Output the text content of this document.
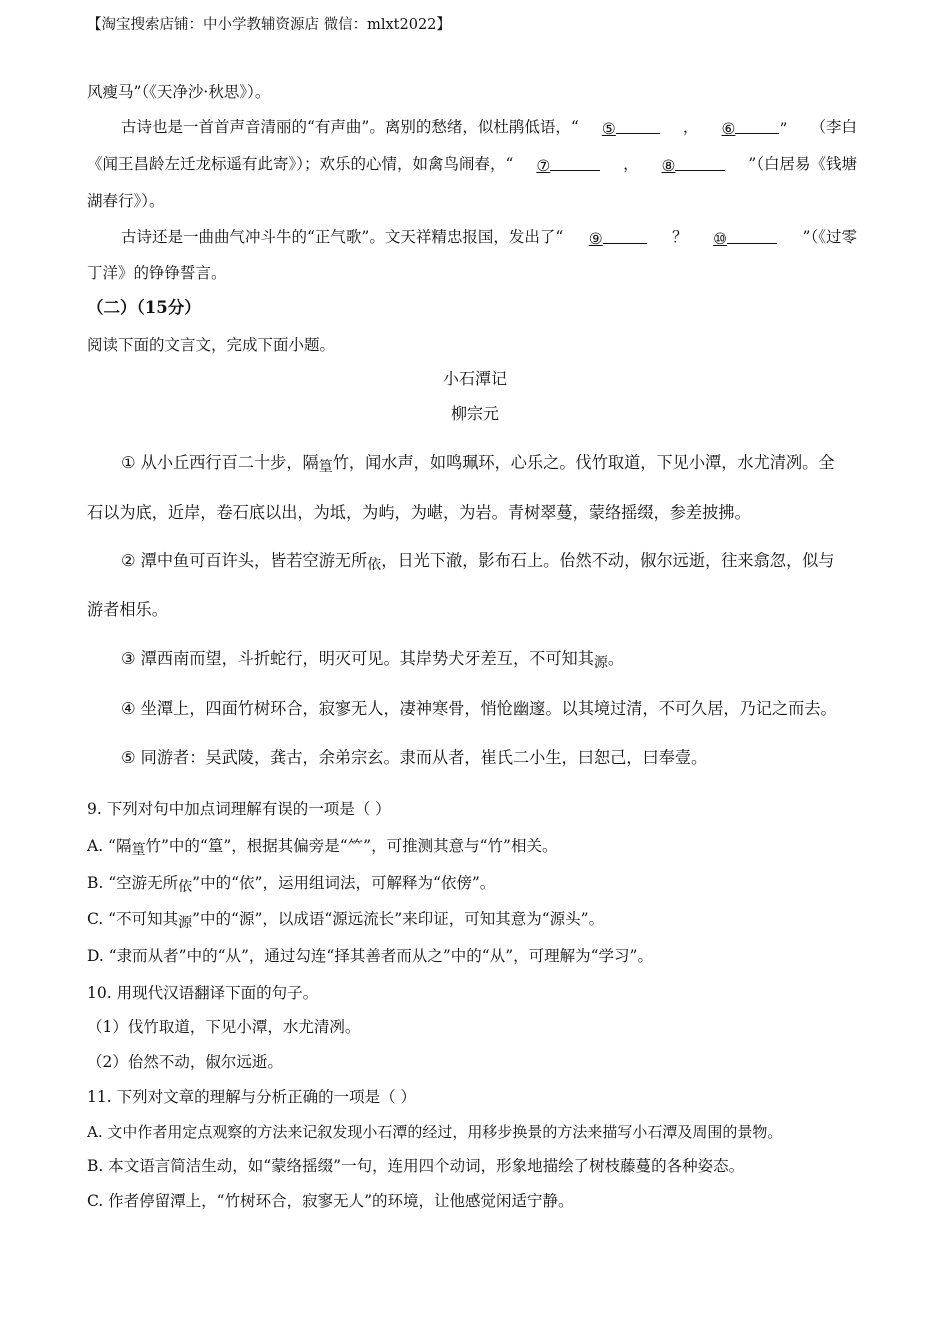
【淘宝搜索店铺：中小学教辅资源店 微信：mlxt2022】
风瘦马”（《天净沙·秋思》）。
古诗也是一首首声音清丽的“有声曲”。离别的愁绪，似杜鹃低语，“ ⑤	， ⑥	” （李白
《闻王昌龄左迁龙标遥有此寄》）；欢乐的心情，如禽鸟闹春，“ ⑦	， ⑧	”（白居易《钱塘
湖春行》）。
古诗还是一曲曲气冲斗牛的“正气歌”。文天祥精忠报国，发出了“ ⑨	？ ⑩	”（《过零
丁洋》的铮铮誓言。
（二）（15分）
阅读下面的文言文，完成下面小题。
小石潭记
柳宗元
① 从小丘西行百二十步，隔篁竹，闻水声，如鸣珮环，心乐之。伐竹取道，下见小潭，水尤清冽。全
石以为底，近岸，卷石底以出，为坻，为屿，为嵁，为岩。青树翠蔓，蒙络摇缀，参差披拂。
② 潭中鱼可百许头，皆若空游无所依，日光下澈，影布石上。佁然不动，俶尔远逝，往来翕忽，似与
游者相乐。
③ 潭西南而望，斗折蛇行，明灭可见。其岸势犬牙差互，不可知其源。
④ 坐潭上，四面竹树环合，寂寥无人，凄神寒骨，悄怆幽邃。以其境过清，不可久居，乃记之而去。
⑤ 同游者：吴武陵，龚古，余弟宗玄。隶而从者，崔氏二小生，曰恕己，曰奉壹。
9. 下列对句中加点词理解有误的一项是（ ）
A. “隔篁竹”中的“篁”，根据其偏旁是“⺮”，可推测其意与“竹”相关。
B. “空游无所依”中的“依”，运用组词法，可解释为“依傍”。
C. “不可知其源”中的“源”，以成语“源远流长”来印证，可知其意为“源头”。
D. “隶而从者”中的“从”，通过勾连“择其善者而从之”中的“从”，可理解为“学习”。
10. 用现代汉语翻译下面的句子。
（1）伐竹取道，下见小潭，水尤清冽。
（2）佁然不动，俶尔远逝。
11. 下列对文章的理解与分析正确的一项是（ ）
A. 文中作者用定点观察的方法来记叙发现小石潭的经过，用移步换景的方法来描写小石潭及周围的景物。
B. 本文语言简洁生动，如“蒙络摇缀”一句，连用四个动词，形象地描绘了树枝藤蔓的各种姿态。
C. 作者停留潭上，“竹树环合，寂寥无人”的环境，让他感觉闲适宁静。
